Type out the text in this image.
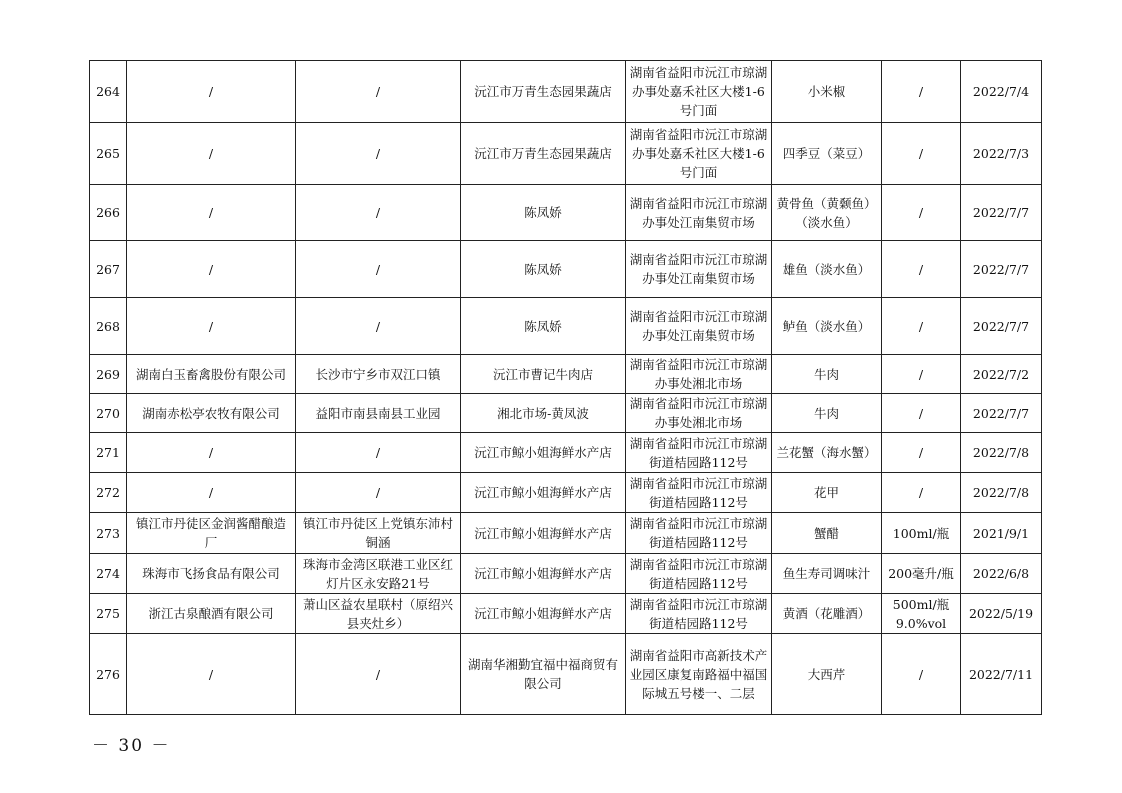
264	/	/	沅江市万青生态园果蔬店	湖南省益阳市沅江市琼湖办事处嘉禾社区大楼1-6号门面	小米椒	/	2022/7/4
265	/	/	沅江市万青生态园果蔬店	湖南省益阳市沅江市琼湖办事处嘉禾社区大楼1-6号门面	四季豆（菜豆）	/	2022/7/3
266	/	/	陈凤娇	湖南省益阳市沅江市琼湖办事处江南集贸市场	黄骨鱼（黄颡鱼）（淡水鱼）	/	2022/7/7
267	/	/	陈凤娇	湖南省益阳市沅江市琼湖办事处江南集贸市场	雄鱼（淡水鱼）	/	2022/7/7
268	/	/	陈凤娇	湖南省益阳市沅江市琼湖办事处江南集贸市场	鲈鱼（淡水鱼）	/	2022/7/7
269	湖南白玉畜禽股份有限公司	长沙市宁乡市双江口镇	沅江市曹记牛肉店	湖南省益阳市沅江市琼湖办事处湘北市场	牛肉	/	2022/7/2
270	湖南赤松亭农牧有限公司	益阳市南县南县工业园	湘北市场-黄凤波	湖南省益阳市沅江市琼湖办事处湘北市场	牛肉	/	2022/7/7
271	/	/	沅江市鲸小姐海鲜水产店	湖南省益阳市沅江市琼湖街道桔园路112号	兰花蟹（海水蟹）	/	2022/7/8
272	/	/	沅江市鲸小姐海鲜水产店	湖南省益阳市沅江市琼湖街道桔园路112号	花甲	/	2022/7/8
273	镇江市丹徒区金润酱醋酿造厂	镇江市丹徒区上党镇东沛村铜涵	沅江市鲸小姐海鲜水产店	湖南省益阳市沅江市琼湖街道桔园路112号	蟹醋	100ml/瓶	2021/9/1
274	珠海市飞扬食品有限公司	珠海市金湾区联港工业区红灯片区永安路21号	沅江市鲸小姐海鲜水产店	湖南省益阳市沅江市琼湖街道桔园路112号	鱼生寿司调味汁	200毫升/瓶	2022/6/8
275	浙江古泉酿酒有限公司	萧山区益农星联村（原绍兴县夹灶乡）	沅江市鲸小姐海鲜水产店	湖南省益阳市沅江市琼湖街道桔园路112号	黄酒（花雕酒）	500ml/瓶 9.0%vol	2022/5/19
276	/	/	湖南华湘勤宜福中福商贸有限公司	湖南省益阳市高新技术产业园区康复南路福中福国际城五号楼一、二层	大西芹	/	2022/7/11
－ 30 －
